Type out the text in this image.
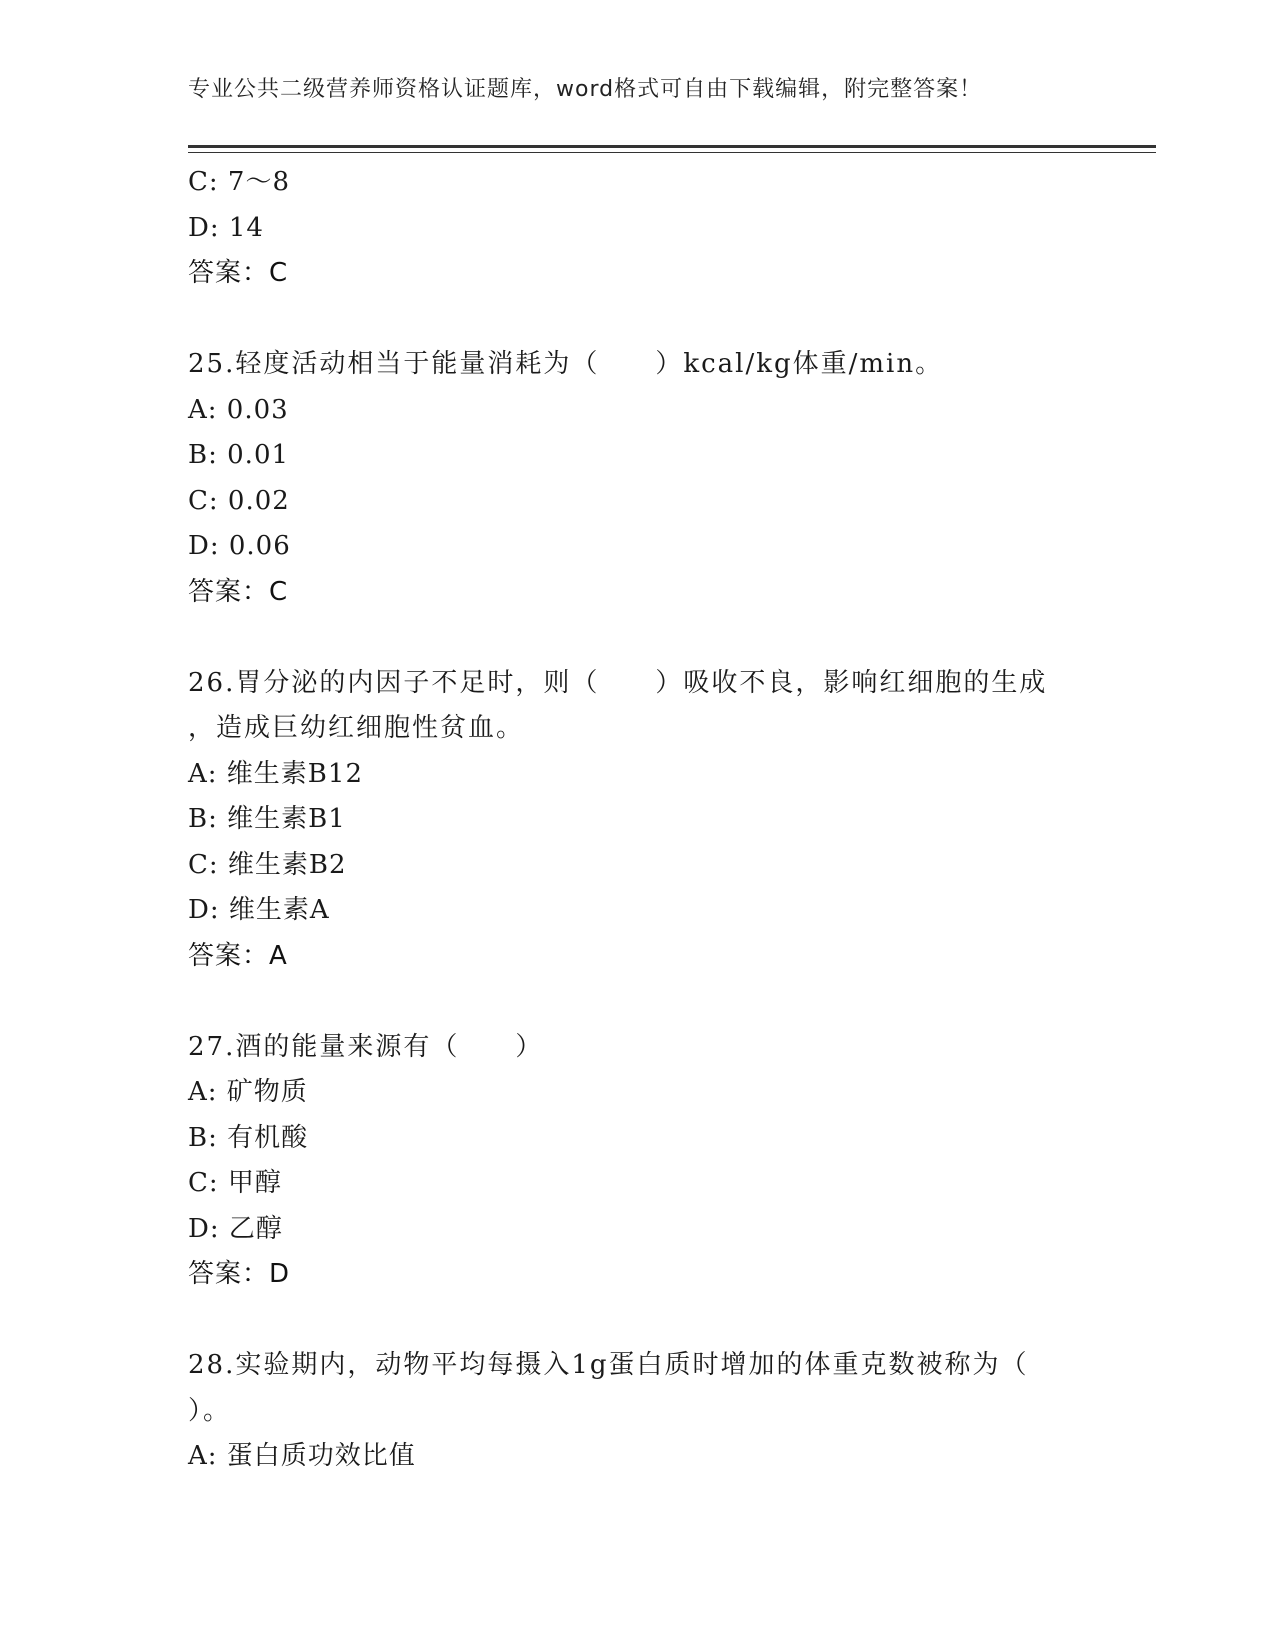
专业公共二级营养师资格认证题库，word格式可自由下载编辑，附完整答案！
C: 7～8
D: 14
答案：C
25.轻度活动相当于能量消耗为（　　）kcal/kg体重/min。
A: 0.03
B: 0.01
C: 0.02
D: 0.06
答案：C
26.胃分泌的内因子不足时，则（　　）吸收不良，影响红细胞的生成
，造成巨幼红细胞性贫血。
A: 维生素B12
B: 维生素B1
C: 维生素B2
D: 维生素A
答案：A
27.酒的能量来源有（　　）
A: 矿物质
B: 有机酸
C: 甲醇
D: 乙醇
答案：D
28.实验期内，动物平均每摄入1g蛋白质时增加的体重克数被称为（
）。
A: 蛋白质功效比值
